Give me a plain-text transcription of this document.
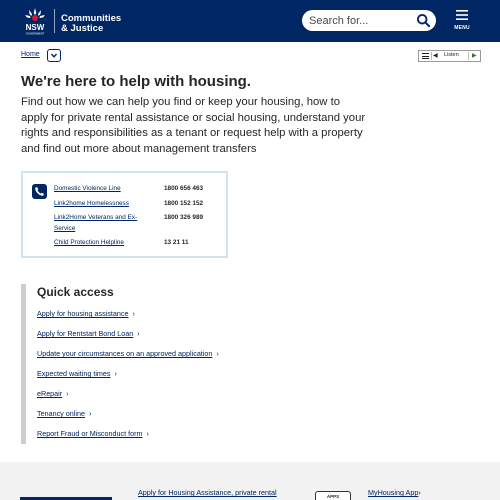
NSW
GOVERNMENT
Communities
& Justice
Search for...	MENU
Home	◀ Listen ▶
We're here to help with housing.

Find out how we can help you find or keep your housing, how to apply for private rental assistance or social housing, understand your rights and responsibilities as a tenant or request help with a property and find out more about management transfers

Domestic Violence Line	1800 656 463
Link2home Homelessness	1800 152 152
Link2Home Veterans and Ex-Service
1800 326 989
Child Protection Helpline	13 21 11
Quick access
Apply for housing assistance ›
Apply for Rentstart Bond Loan ›
Update your circumstances on an approved application ›
Expected waiting times ›
eRepair ›
Tenancy online ›
Report Fraud or Misconduct form ›
Apply for Housing Assistance, private rental	APPS	MyHousing App›
